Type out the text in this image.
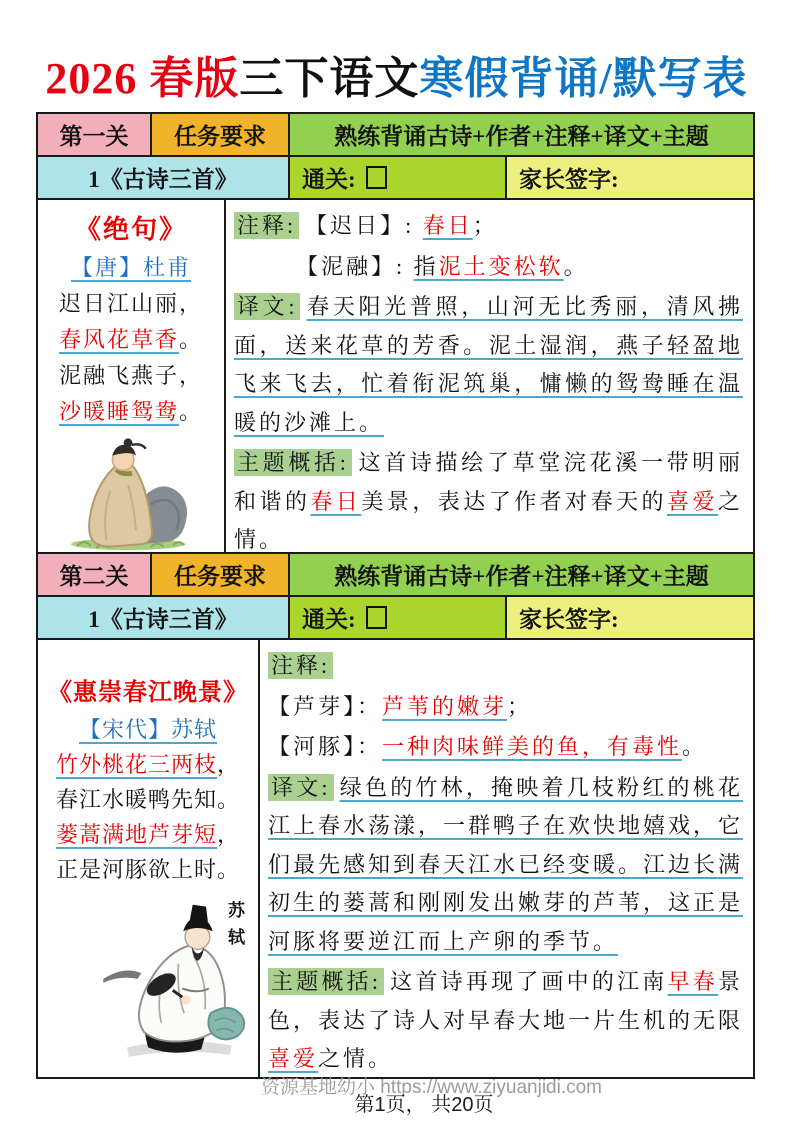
2026 春版三下语文寒假背诵/默写表
第一关	任务要求	熟练背诵古诗+作者+注释+译文+主题
1《古诗三首》	通关:	家长签字:
《绝句》
【唐】杜甫
迟日江山丽，
春风花草香。
泥融飞燕子，
沙暖睡鸳鸯。
注释: 【迟日】: 春日；
【泥融】: 指泥土变松软。
译文: 春天阳光普照，山河无比秀丽，清风拂面，送来花草的芳香。泥土湿润，燕子轻盈地飞来飞去，忙着衔泥筑巢，慵懒的鸳鸯睡在温暖的沙滩上。
主题概括: 这首诗描绘了草堂浣花溪一带明丽和谐的春日美景，表达了作者对春天的喜爱之情。
第二关	任务要求	熟练背诵古诗+作者+注释+译文+主题
1《古诗三首》	通关:	家长签字:
《惠崇春江晚景》
【宋代】苏轼
竹外桃花三两枝，
春江水暖鸭先知。
蒌蒿满地芦芽短，
正是河豚欲上时。
苏轼
注释:
【芦芽】：芦苇的嫩芽；
【河豚】：一种肉味鲜美的鱼，有毒性。
译文: 绿色的竹林，掩映着几枝粉红的桃花江上春水荡漾，一群鸭子在欢快地嬉戏，它们最先感知到春天江水已经变暖。江边长满初生的蒌蒿和刚刚发出嫩芽的芦苇，这正是河豚将要逆江而上产卵的季节。
主题概括: 这首诗再现了画中的江南早春景色，表达了诗人对早春大地一片生机的无限喜爱之情。
资源基地幼小 https://www.ziyuanjidi.com
第1页， 共20页
